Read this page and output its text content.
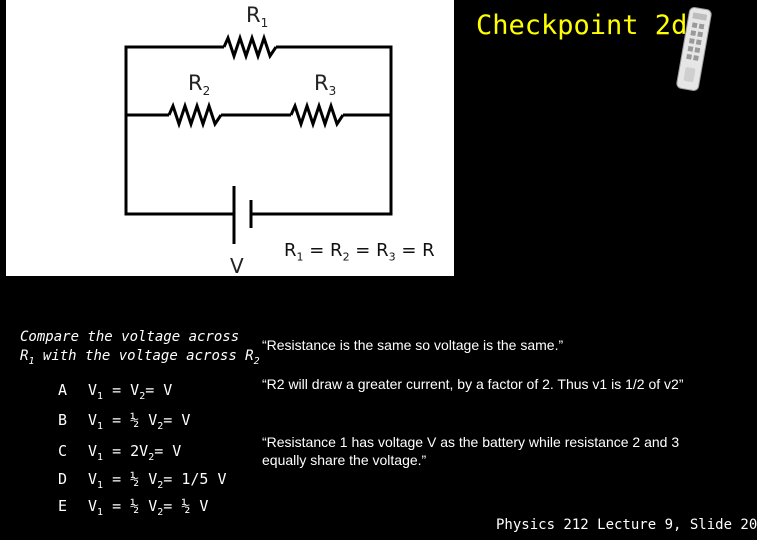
$R_1$
$R_2$	$R_3$
V
$R_1 = R_2 = R_3 = R$
Checkpoint 2d
Compare the voltage across
$R_1$ with the voltage across $R_2$
A $V_1 = V_2= V$
B $V_1$ = ½ $V_2= V$
C $V_1 = 2V_2= V$
D $V_1$ = ½ $V_2= 1/5$ V
E $V_1$ = ½ $V_2=$ ½ V
“Resistance is the same so voltage is the same.”
“R2 will draw a greater current, by a factor of 2. Thus v1 is 1/2 of v2”
“Resistance 1 has voltage V as the battery while resistance 2 and 3 equally share the voltage.”
Physics 212 Lecture 9, Slide 20
